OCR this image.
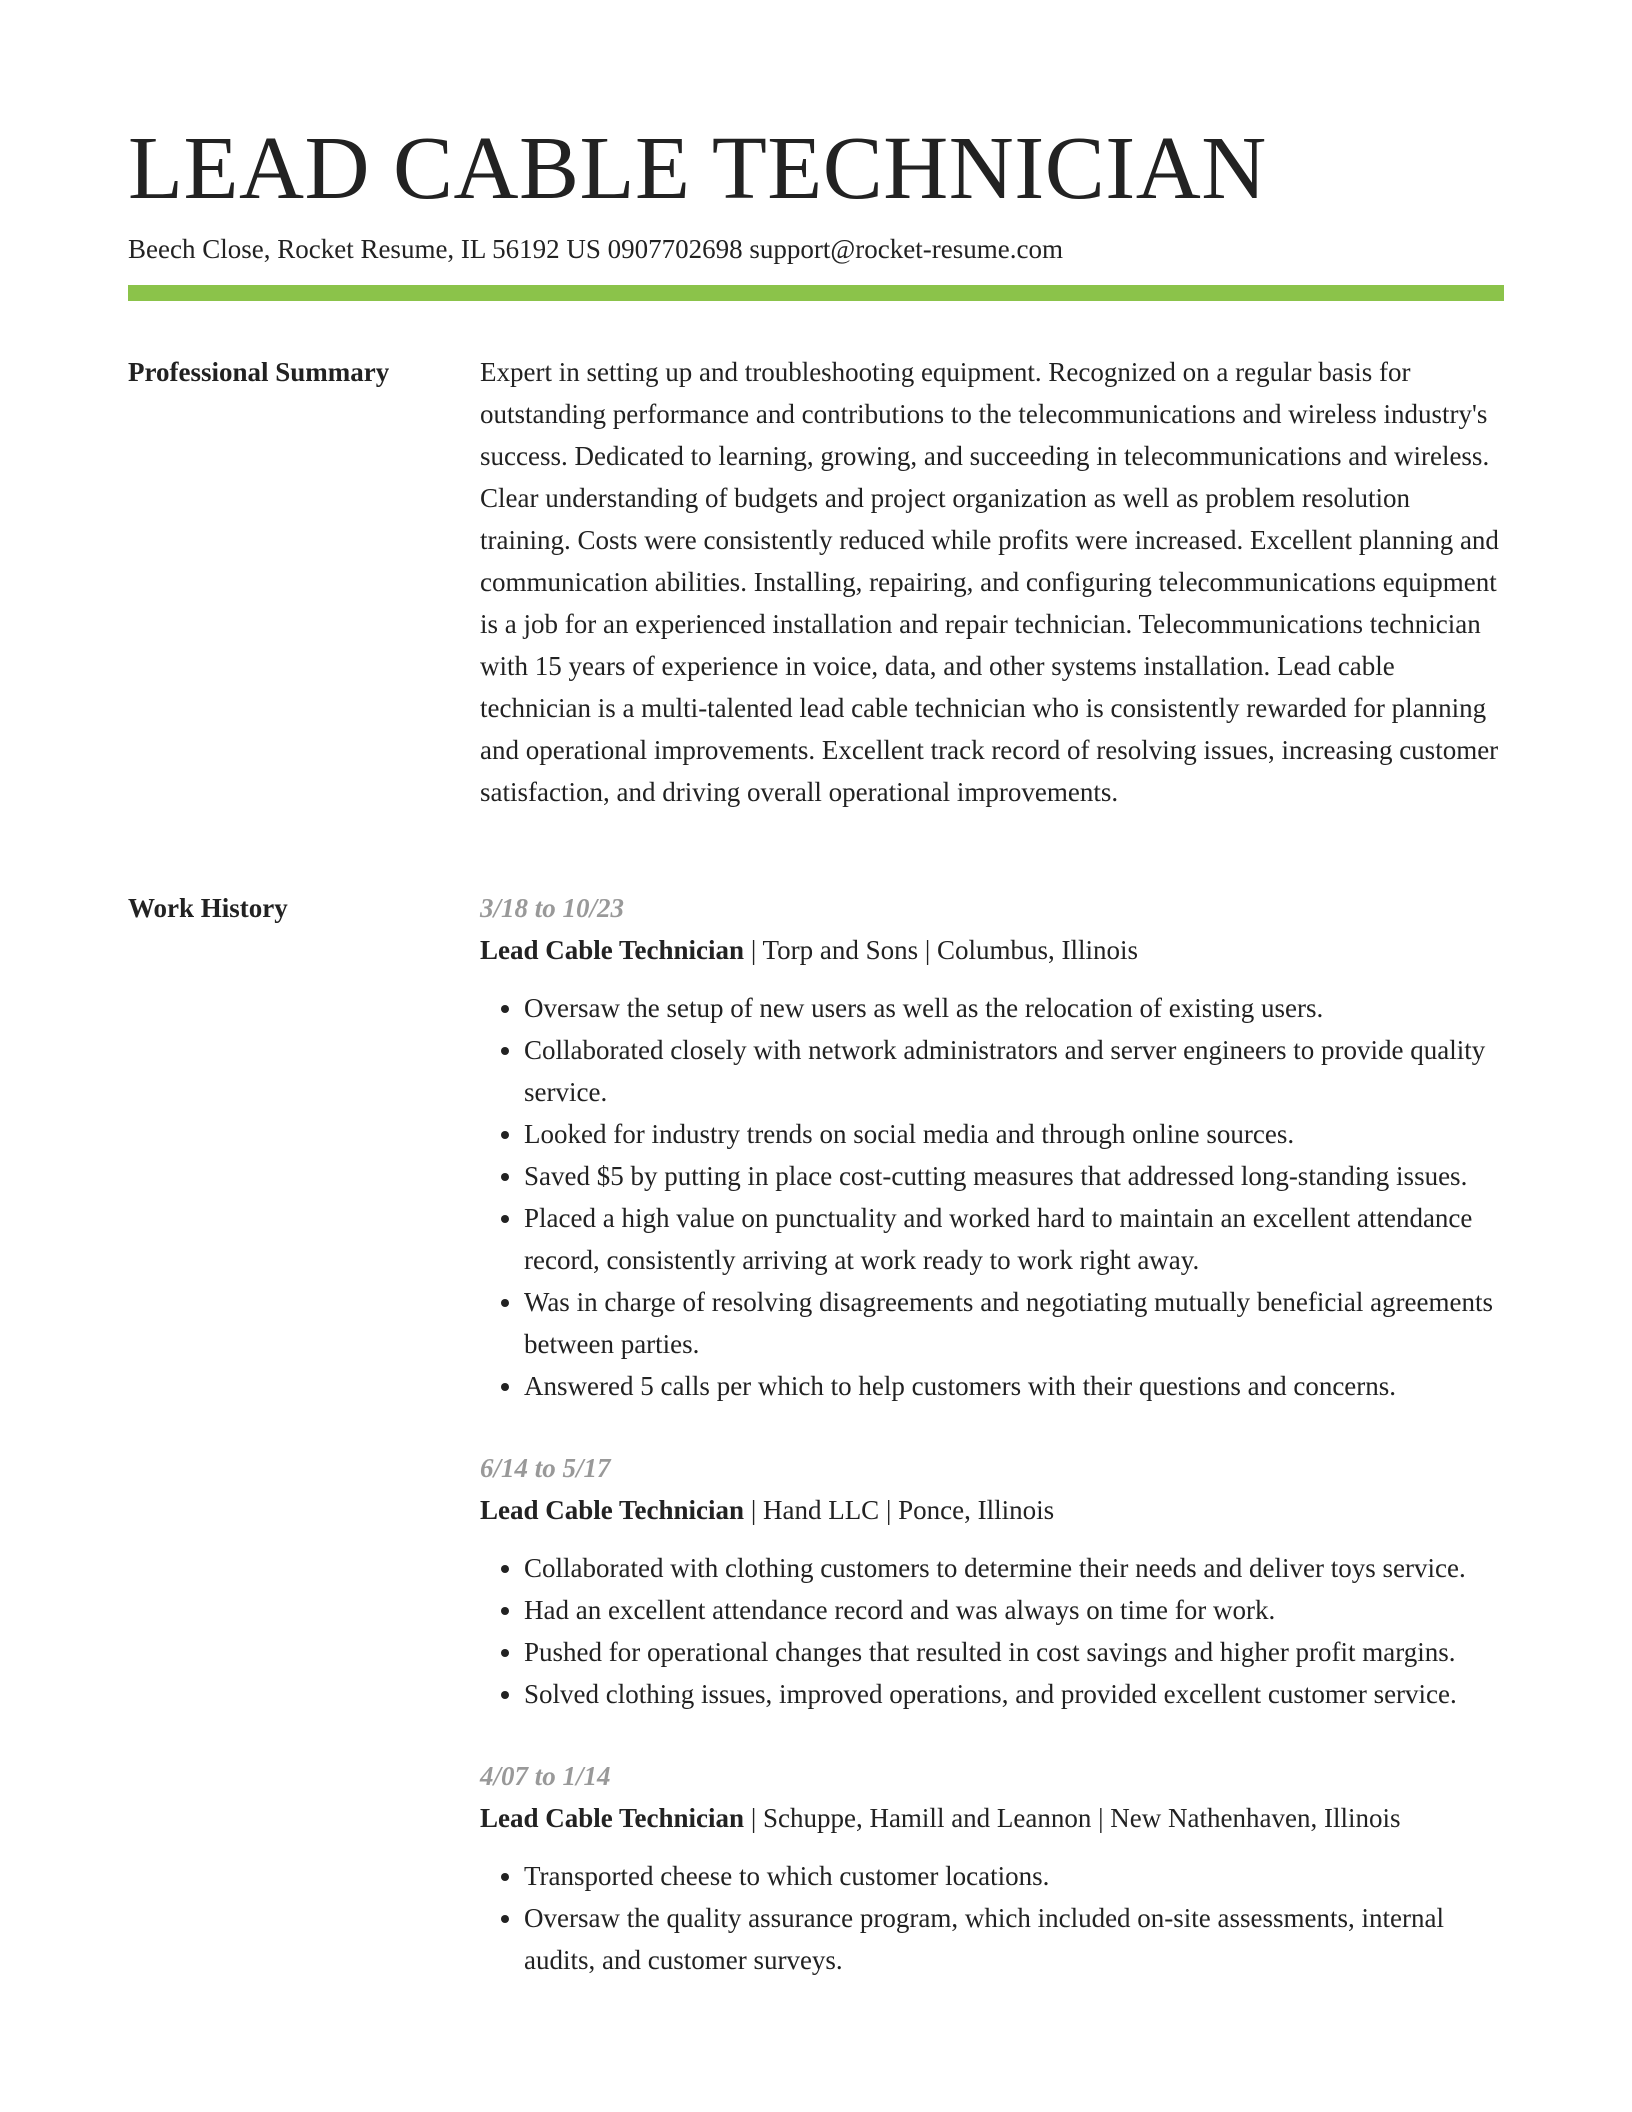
LEAD CABLE TECHNICIAN
Beech Close, Rocket Resume, IL 56192 US 0907702698 support@rocket-resume.com
Professional Summary	Expert in setting up and troubleshooting equipment. Recognized on a regular basis for outstanding performance and contributions to the telecommunications and wireless industry's success. Dedicated to learning, growing, and succeeding in telecommunications and wireless. Clear understanding of budgets and project organization as well as problem resolution training. Costs were consistently reduced while profits were increased. Excellent planning and communication abilities. Installing, repairing, and configuring telecommunications equipment is a job for an experienced installation and repair technician. Telecommunications technician with 15 years of experience in voice, data, and other systems installation. Lead cable technician is a multi-talented lead cable technician who is consistently rewarded for planning and operational improvements. Excellent track record of resolving issues, increasing customer satisfaction, and driving overall operational improvements.

Work History	3/18 to 10/23
Lead Cable Technician | Torp and Sons | Columbus, Illinois
• Oversaw the setup of new users as well as the relocation of existing users.
• Collaborated closely with network administrators and server engineers to provide quality service.
• Looked for industry trends on social media and through online sources.
• Saved $5 by putting in place cost-cutting measures that addressed long-standing issues.
• Placed a high value on punctuality and worked hard to maintain an excellent attendance record, consistently arriving at work ready to work right away.
• Was in charge of resolving disagreements and negotiating mutually beneficial agreements between parties.
• Answered 5 calls per which to help customers with their questions and concerns.
6/14 to 5/17
Lead Cable Technician | Hand LLC | Ponce, Illinois
• Collaborated with clothing customers to determine their needs and deliver toys service.
• Had an excellent attendance record and was always on time for work.
• Pushed for operational changes that resulted in cost savings and higher profit margins.
• Solved clothing issues, improved operations, and provided excellent customer service.
4/07 to 1/14
Lead Cable Technician | Schuppe, Hamill and Leannon | New Nathenhaven, Illinois
• Transported cheese to which customer locations.
• Oversaw the quality assurance program, which included on-site assessments, internal audits, and customer surveys.
